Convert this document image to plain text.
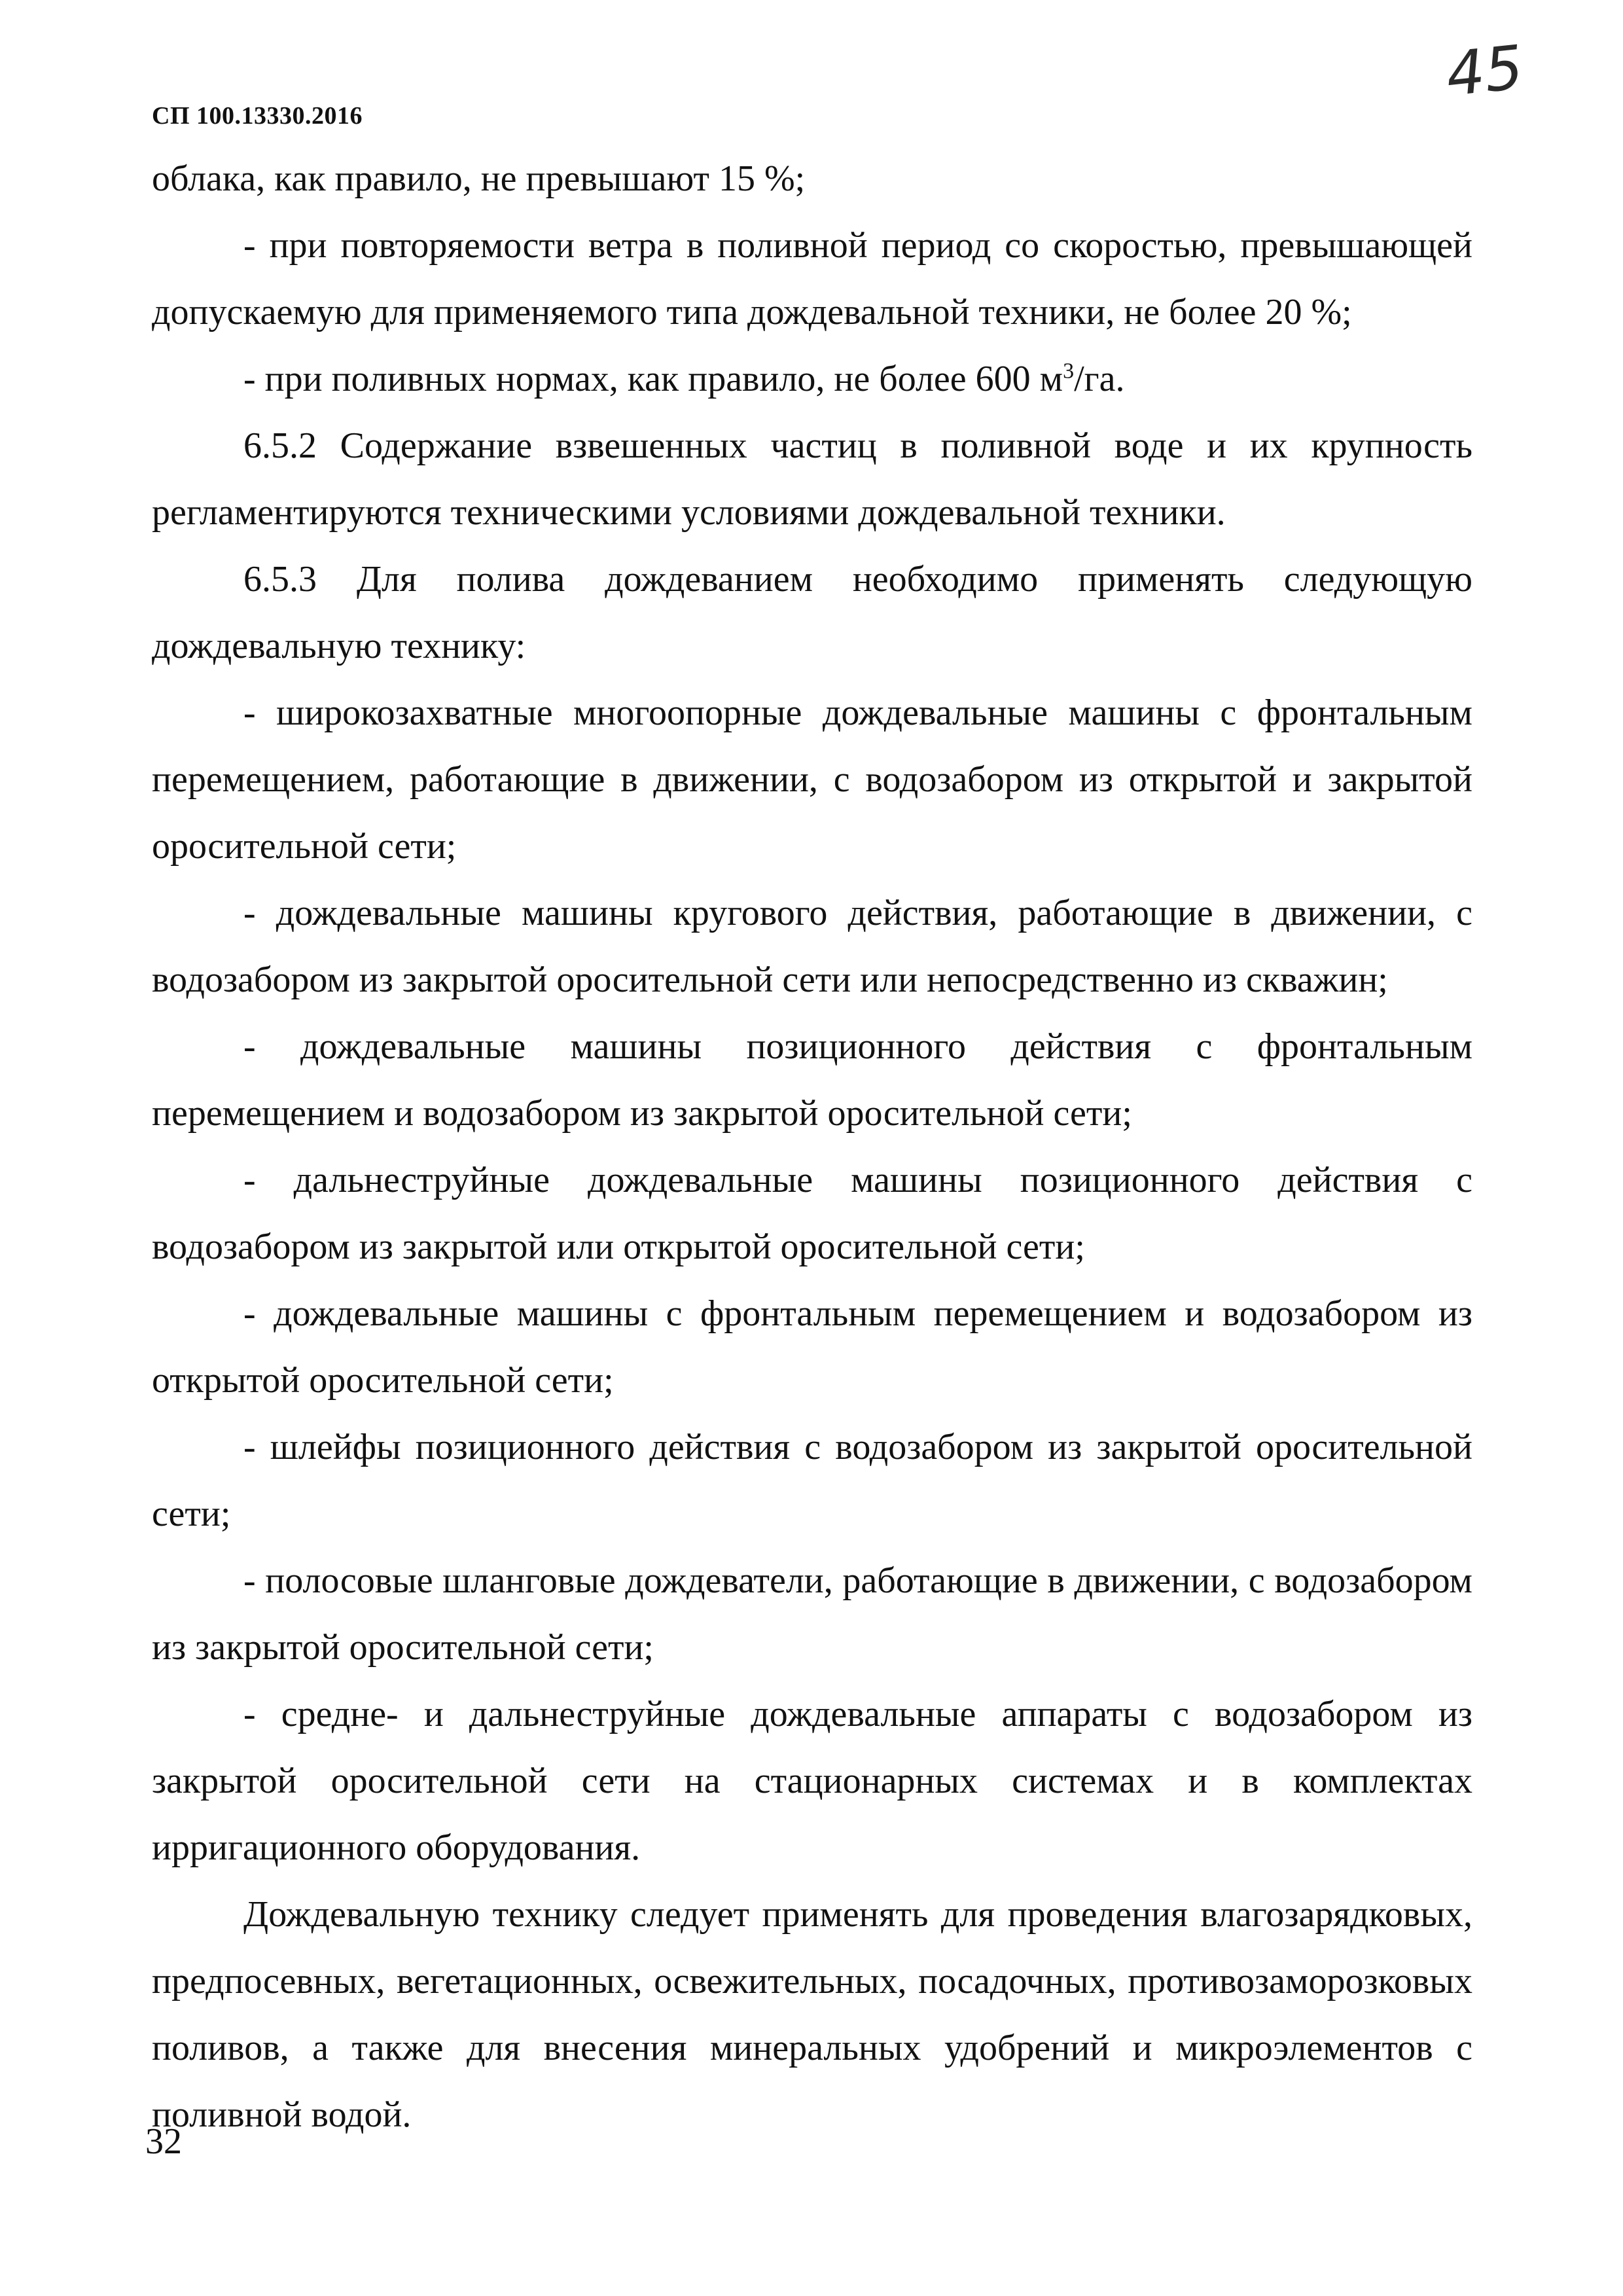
СП 100.13330.2016
45

облака, как правило, не превышают 15 %;

- при повторяемости ветра в поливной период со скоростью, превышающей допускаемую для применяемого типа дождевальной техники, не более 20 %;

- при поливных нормах, как правило, не более 600 $м^3/га$.

6.5.2 Содержание взвешенных частиц в поливной воде и их крупность регламентируются техническими условиями дождевальной техники.

6.5.3 Для полива дождеванием необходимо применять следующую дождевальную технику:

- широкозахватные многоопорные дождевальные машины с фронтальным перемещением, работающие в движении, с водозабором из открытой и закрытой оросительной сети;

- дождевальные машины кругового действия, работающие в движении, с водозабором из закрытой оросительной сети или непосредственно из скважин;

- дождевальные машины позиционного действия с фронтальным перемещением и водозабором из закрытой оросительной сети;

- дальнеструйные дождевальные машины позиционного действия с водозабором из закрытой или открытой оросительной сети;

- дождевальные машины с фронтальным перемещением и водозабором из открытой оросительной сети;

- шлейфы позиционного действия с водозабором из закрытой оросительной сети;

- полосовые шланговые дождеватели, работающие в движении, с водозабором из закрытой оросительной сети;

- средне- и дальнеструйные дождевальные аппараты с водозабором из закрытой оросительной сети на стационарных системах и в комплектах ирригационного оборудования.

Дождевальную технику следует применять для проведения влагозарядковых, предпосевных, вегетационных, освежительных, посадочных, противозаморозковых поливов, а также для внесения минеральных удобрений и микроэлементов с поливной водой.

32
